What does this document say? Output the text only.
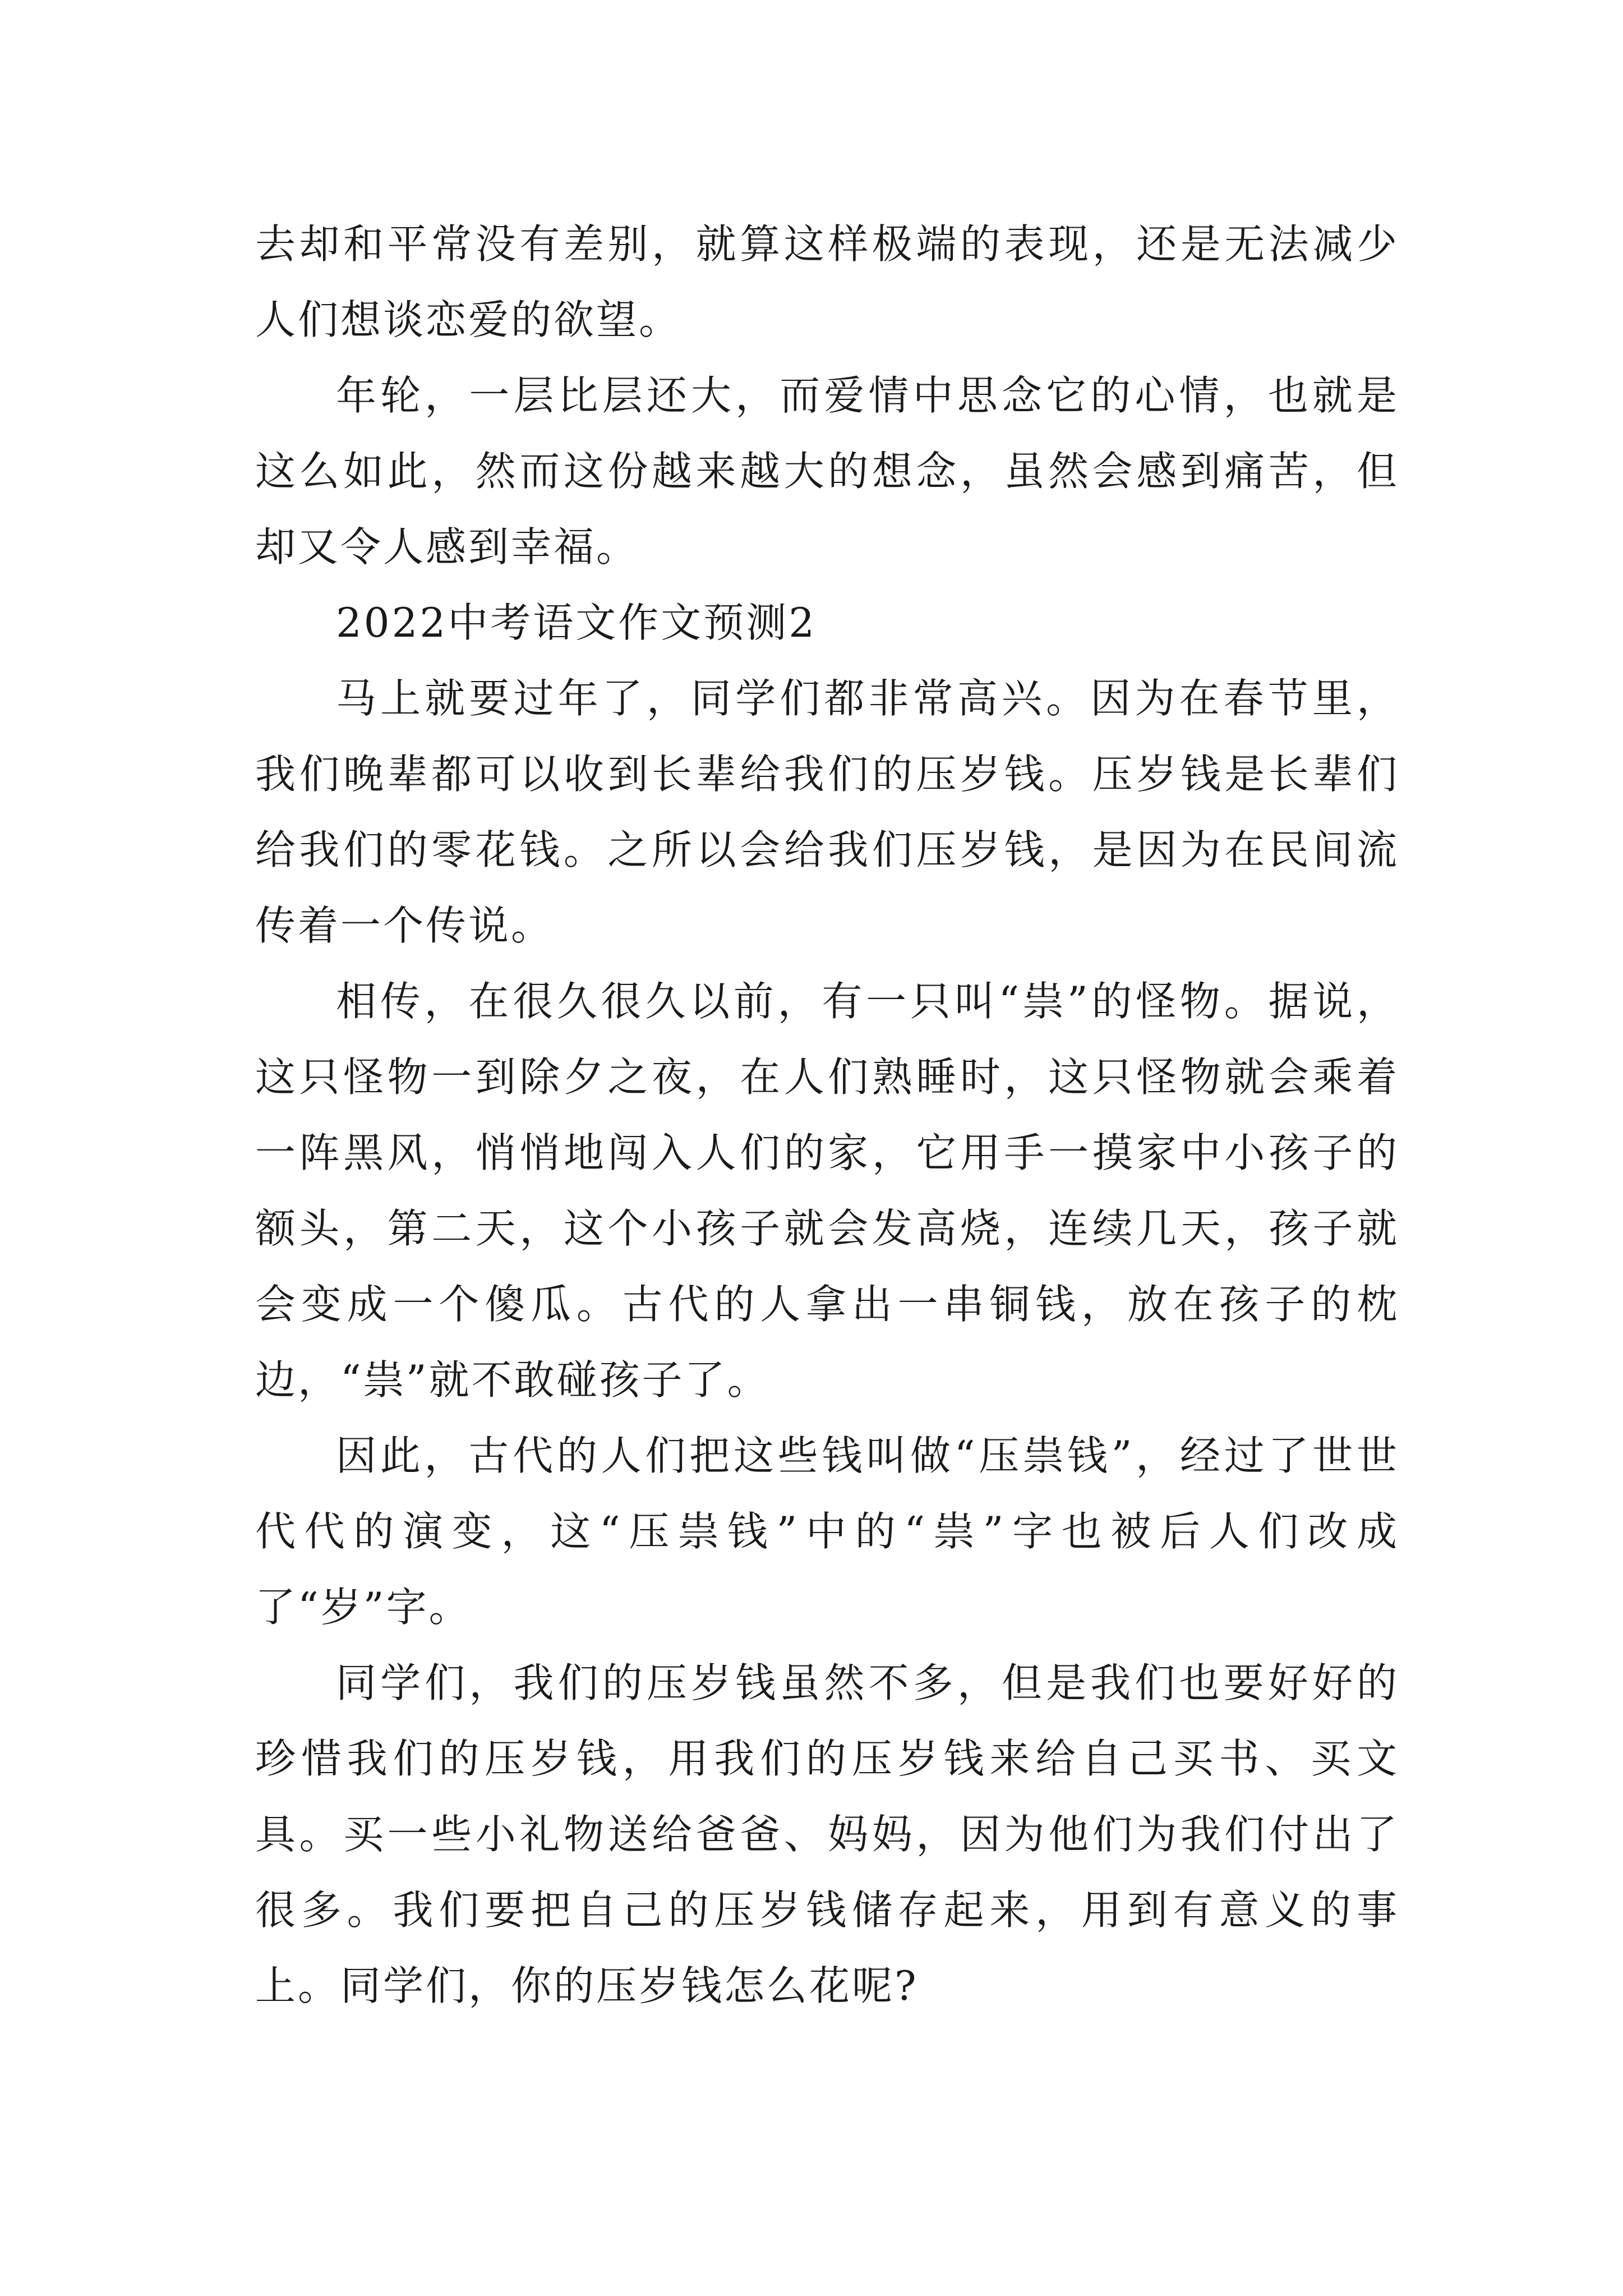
去却和平常没有差别，就算这样极端的表现，还是无法减少人们想谈恋爱的欲望。

年轮，一层比层还大，而爱情中思念它的心情，也就是这么如此，然而这份越来越大的想念，虽然会感到痛苦，但却又令人感到幸福。

2022中考语文作文预测2

马上就要过年了，同学们都非常高兴。因为在春节里，我们晚辈都可以收到长辈给我们的压岁钱。压岁钱是长辈们给我们的零花钱。之所以会给我们压岁钱，是因为在民间流传着一个传说。

相传，在很久很久以前，有一只叫“祟”的怪物。据说，这只怪物一到除夕之夜，在人们熟睡时，这只怪物就会乘着一阵黑风，悄悄地闯入人们的家，它用手一摸家中小孩子的额头，第二天，这个小孩子就会发高烧，连续几天，孩子就会变成一个傻瓜。古代的人拿出一串铜钱，放在孩子的枕边，“祟”就不敢碰孩子了。

因此，古代的人们把这些钱叫做“压祟钱”，经过了世世代代的演变，这“压祟钱”中的“祟”字也被后人们改成了“岁”字。

同学们，我们的压岁钱虽然不多，但是我们也要好好的珍惜我们的压岁钱，用我们的压岁钱来给自己买书、买文具。买一些小礼物送给爸爸、妈妈，因为他们为我们付出了很多。我们要把自己的压岁钱储存起来，用到有意义的事上。同学们，你的压岁钱怎么花呢?
